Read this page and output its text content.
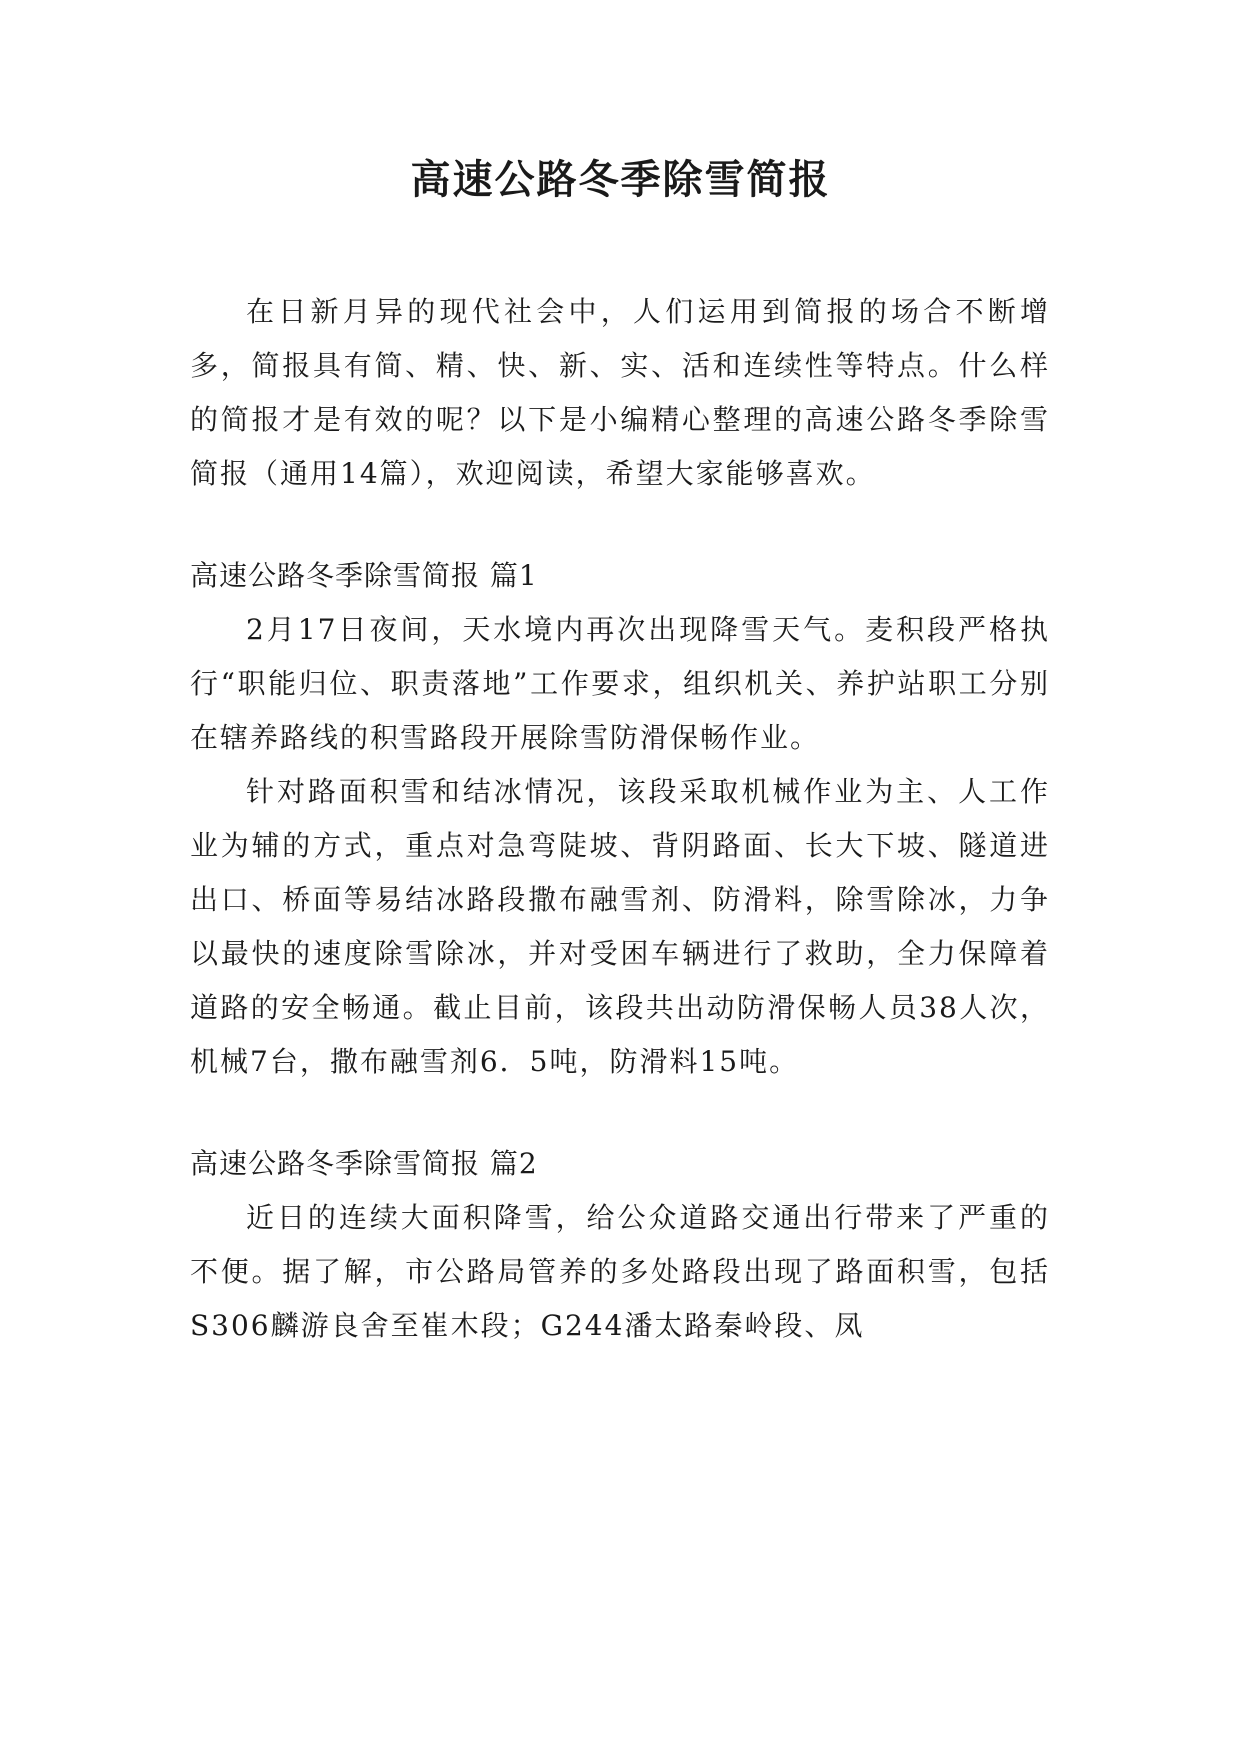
高速公路冬季除雪简报

在日新月异的现代社会中，人们运用到简报的场合不断增多，简报具有简、精、快、新、实、活和连续性等特点。什么样的简报才是有效的呢？以下是小编精心整理的高速公路冬季除雪简报（通用14篇），欢迎阅读，希望大家能够喜欢。

高速公路冬季除雪简报 篇1

2月17日夜间，天水境内再次出现降雪天气。麦积段严格执行“职能归位、职责落地”工作要求，组织机关、养护站职工分别在辖养路线的积雪路段开展除雪防滑保畅作业。

针对路面积雪和结冰情况，该段采取机械作业为主、人工作业为辅的方式，重点对急弯陡坡、背阴路面、长大下坡、隧道进出口、桥面等易结冰路段撒布融雪剂、防滑料，除雪除冰，力争以最快的速度除雪除冰，并对受困车辆进行了救助，全力保障着道路的安全畅通。截止目前，该段共出动防滑保畅人员38人次，机械7台，撒布融雪剂6．5吨，防滑料15吨。

高速公路冬季除雪简报 篇2

近日的连续大面积降雪，给公众道路交通出行带来了严重的不便。据了解，市公路局管养的多处路段出现了路面积雪，包括S306麟游良舍至崔木段；G244潘太路秦岭段、凤
